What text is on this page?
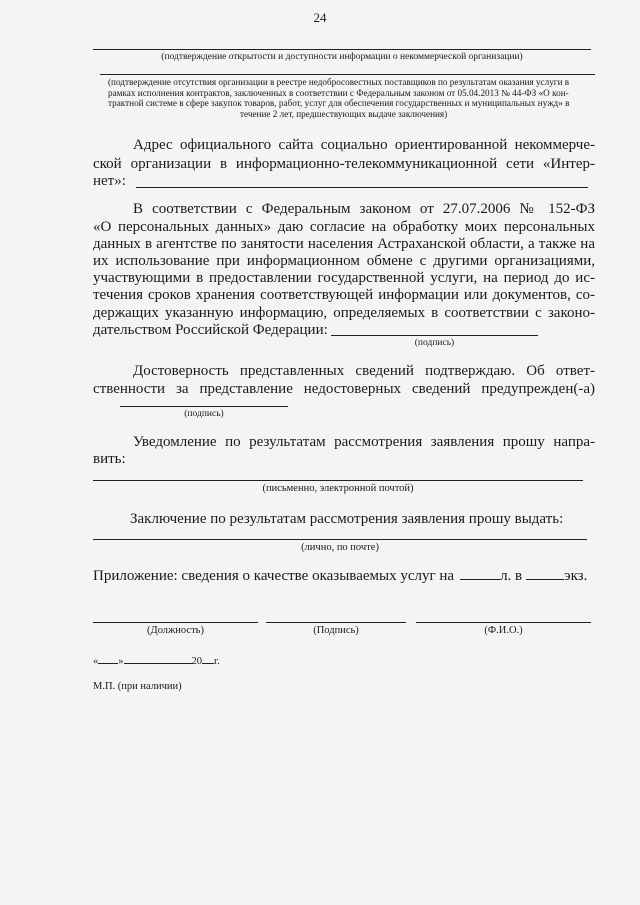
24
(подтверждение открытости и доступности информации о некоммерческой организации)
(подтверждение отсутствия организации в реестре недобросовестных поставщиков по результатам оказания услуги в
рамках исполнения контрактов, заключенных в соответствии с Федеральным законом от 05.04.2013 № 44-ФЗ «О кон-
трактной системе в сфере закупок товаров, работ, услуг для обеспечения государственных и муниципальных нужд» в
течение 2 лет, предшествующих выдаче заключения)
Адрес официального сайта социально ориентированной некоммерче-
ской организации в информационно-телекоммуникационной сети «Интер-
нет»:
В соответствии с Федеральным законом от 27.07.2006 № 152-ФЗ
«О персональных данных» даю согласие на обработку моих персональных
данных в агентстве по занятости населения Астраханской области, а также на
их использование при информационном обмене с другими организациями,
участвующими в предоставлении государственной услуги, на период до ис-
течения сроков хранения соответствующей информации или документов, со-
держащих указанную информацию, определяемых в соответствии с законо-
дательством Российской Федерации:
(подпись)
Достоверность представленных сведений подтверждаю. Об ответ-
ственности за представление недостоверных сведений предупрежден(-а)
(подпись)
Уведомление по результатам рассмотрения заявления прошу напра-
вить:
(письменно, электронной почтой)
Заключение по результатам рассмотрения заявления прошу выдать:
(лично, по почте)
Приложение: сведения о качестве оказываемых услуг на	л. в	экз.
(Должность)	(Подпись)	(Ф.И.О.)
« »	20 г.
М.П. (при наличии)
